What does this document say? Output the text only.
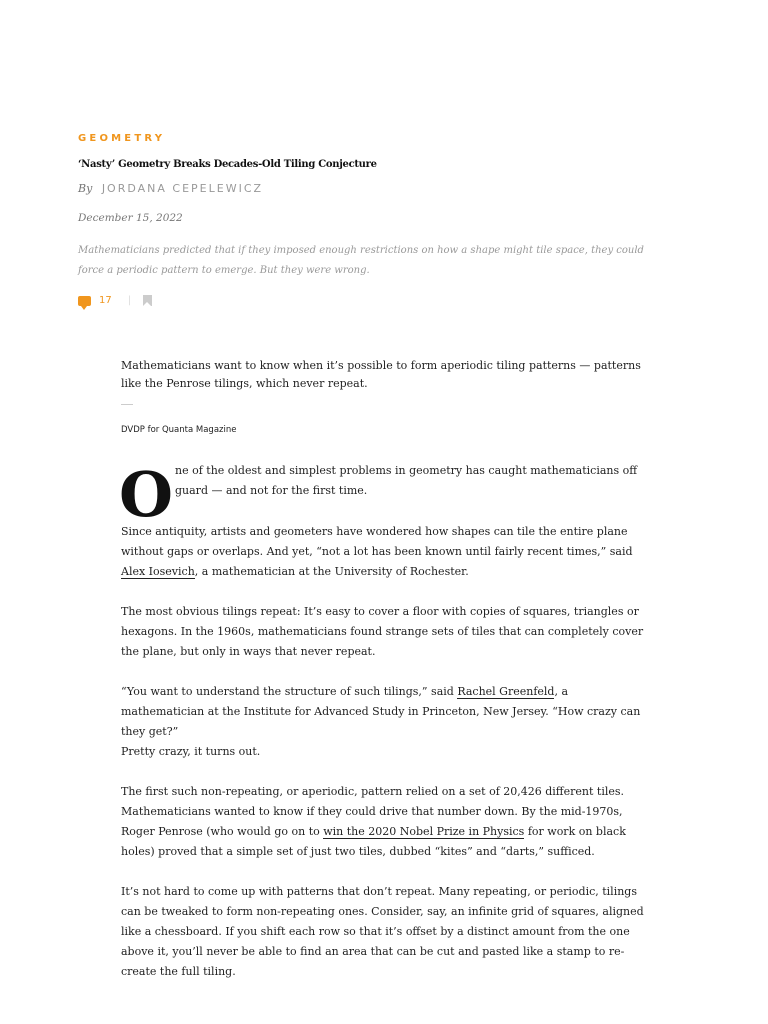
GEOMETRY
‘Nasty’ Geometry Breaks Decades-Old Tiling Conjecture
By JORDANA CEPELEWICZ
December 15, 2022
Mathematicians predicted that if they imposed enough restrictions on how a shape might tile space, they could force a periodic pattern to emerge. But they were wrong.
17 |

Mathematicians want to know when it’s possible to form aperiodic tiling patterns — patterns like the Penrose tilings, which never repeat.

DVDP for Quanta Magazine
O ne of the oldest and simplest problems in geometry has caught mathematicians off guard — and not for the first time.

Since antiquity, artists and geometers have wondered how shapes can tile the entire plane without gaps or overlaps. And yet, “not a lot has been known until fairly recent times,” said Alex Iosevich, a mathematician at the University of Rochester.

The most obvious tilings repeat: It’s easy to cover a floor with copies of squares, triangles or hexagons. In the 1960s, mathematicians found strange sets of tiles that can completely cover the plane, but only in ways that never repeat.

“You want to understand the structure of such tilings,” said Rachel Greenfeld, a mathematician at the Institute for Advanced Study in Princeton, New Jersey. “How crazy can they get?”

Pretty crazy, it turns out.

The first such non-repeating, or aperiodic, pattern relied on a set of 20,426 different tiles. Mathematicians wanted to know if they could drive that number down. By the mid-1970s, Roger Penrose (who would go on to win the 2020 Nobel Prize in Physics for work on black holes) proved that a simple set of just two tiles, dubbed “kites” and “darts,” sufficed.

It’s not hard to come up with patterns that don’t repeat. Many repeating, or periodic, tilings can be tweaked to form non-repeating ones. Consider, say, an infinite grid of squares, aligned like a chessboard. If you shift each row so that it’s offset by a distinct amount from the one above it, you’ll never be able to find an area that can be cut and pasted like a stamp to re-create the full tiling.
